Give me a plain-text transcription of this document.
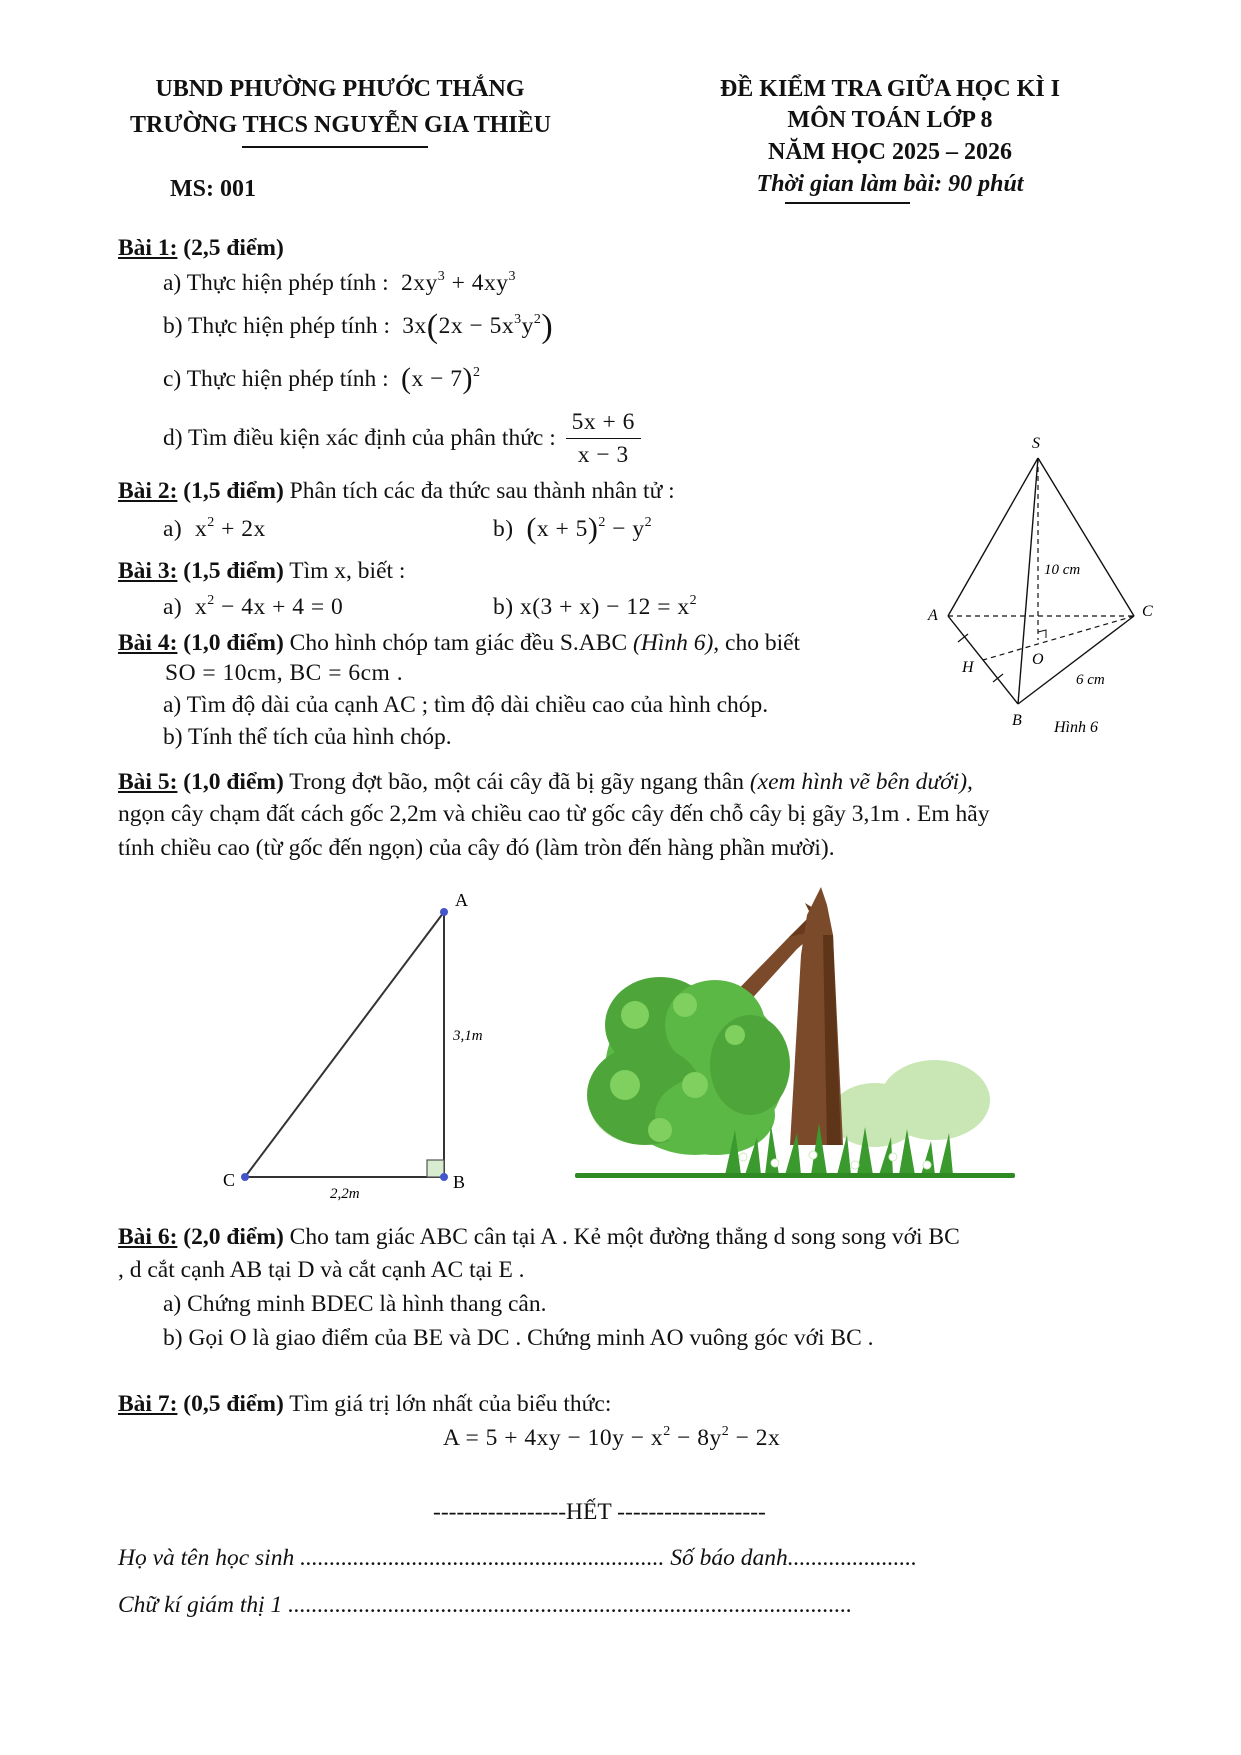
UBND PHƯỜNG PHƯỚC THẮNG
TRƯỜNG THCS NGUYỄN GIA THIỀU
MS: 001
ĐỀ KIỂM TRA GIỮA HỌC KÌ I
MÔN TOÁN LỚP 8
NĂM HỌC 2025 – 2026
Thời gian làm bài: 90 phút
Bài 1: (2,5 điểm)
a) Thực hiện phép tính :  $2xy^3 + 4xy^3$
b) Thực hiện phép tính :  $3x(2x - 5x^3y^2)$
c) Thực hiện phép tính : $(x - 7)^2$
d) Tìm điều kiện xác định của phân thức : $\frac{5x + 6}{x - 3}$
Bài 2: (1,5 điểm) Phân tích các đa thức sau thành nhân tử :
a)  $x^2 + 2x$	b)  $(x + 5)^2 - y^2$
Bài 3: (1,5 điểm) Tìm x, biết :
a)  $x^2 - 4x + 4 = 0$	b) $x(3 + x) - 12 = x^2$
Bài 4: (1,0 điểm) Cho hình chóp tam giác đều S.ABC (Hình 6), cho biết
SO = 10cm, BC = 6cm .
a) Tìm độ dài của cạnh AC ; tìm độ dài chiều cao của hình chóp.
b) Tính thể tích của hình chóp.
S
A	C
B
H	O
10 cm
6 cm
Hình 6
Bài 5: (1,0 điểm) Trong đợt bão, một cái cây đã bị gãy ngang thân (xem hình vẽ bên dưới),
ngọn cây chạm đất cách gốc 2,2m và chiều cao từ gốc cây đến chỗ cây bị gãy 3,1m . Em hãy
tính chiều cao (từ gốc đến ngọn) của cây đó (làm tròn đến hàng phần mười).
A
B
C
3,1m
2,2m
Bài 6: (2,0 điểm) Cho tam giác ABC cân tại A . Kẻ một đường thẳng d song song với BC
, d cắt cạnh AB tại D và cắt cạnh AC tại E .
a) Chứng minh BDEC là hình thang cân.
b) Gọi O là giao điểm của BE và DC . Chứng minh AO vuông góc với BC .
Bài 7: (0,5 điểm) Tìm giá trị lớn nhất của biểu thức:
$A = 5 + 4xy - 10y - x^2 - 8y^2 - 2x$
-----------------HẾT -------------------
Họ và tên học sinh .............................................................. Số báo danh......................
Chữ kí giám thị 1 ................................................................................................
